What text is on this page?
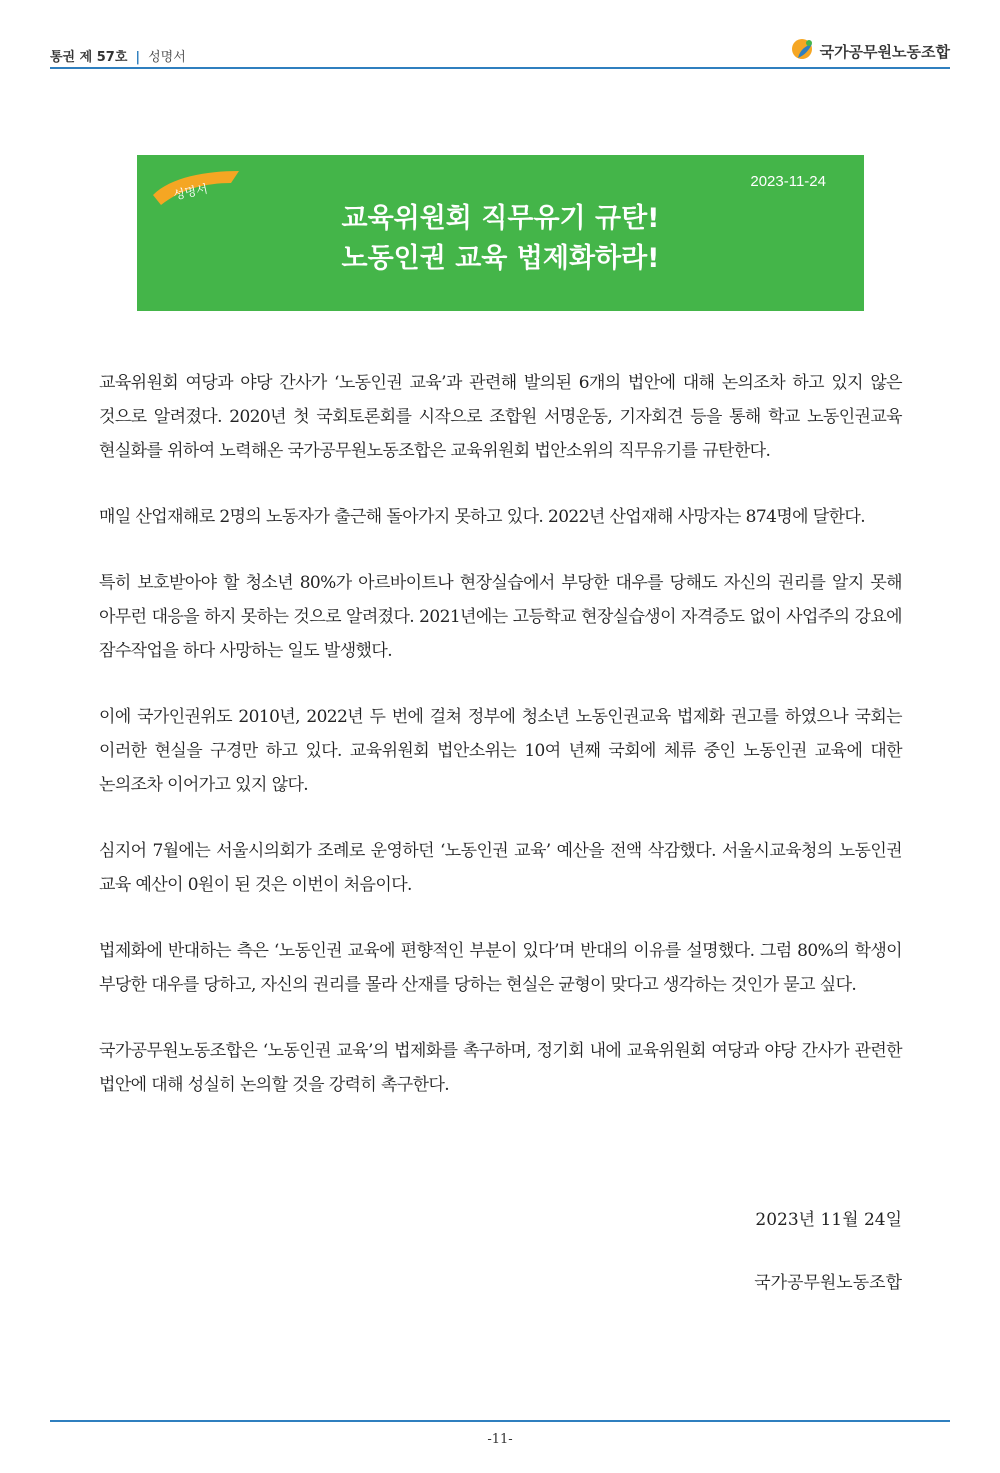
통권 제 57호 | 성명서	국가공무원노동조합
성명서
2023-11-24
교육위원회 직무유기 규탄!
노동인권 교육 법제화하라!

교육위원회 여당과 야당 간사가 ‘노동인권 교육’과 관련해 발의된 6개의 법안에 대해 논의조차 하고 있지 않은 것으로 알려졌다. 2020년 첫 국회토론회를 시작으로 조합원 서명운동, 기자회견 등을 통해 학교 노동인권교육 현실화를 위하여 노력해온 국가공무원노동조합은 교육위원회 법안소위의 직무유기를 규탄한다.

매일 산업재해로 2명의 노동자가 출근해 돌아가지 못하고 있다. 2022년 산업재해 사망자는 874명에 달한다.

특히 보호받아야 할 청소년 80%가 아르바이트나 현장실습에서 부당한 대우를 당해도 자신의 권리를 알지 못해 아무런 대응을 하지 못하는 것으로 알려졌다. 2021년에는 고등학교 현장실습생이 자격증도 없이 사업주의 강요에 잠수작업을 하다 사망하는 일도 발생했다.

이에 국가인권위도 2010년, 2022년 두 번에 걸쳐 정부에 청소년 노동인권교육 법제화 권고를 하였으나 국회는 이러한 현실을 구경만 하고 있다. 교육위원회 법안소위는 10여 년째 국회에 체류 중인 노동인권 교육에 대한 논의조차 이어가고 있지 않다.

심지어 7월에는 서울시의회가 조례로 운영하던 ‘노동인권 교육’ 예산을 전액 삭감했다. 서울시교육청의 노동인권 교육 예산이 0원이 된 것은 이번이 처음이다.

법제화에 반대하는 측은 ‘노동인권 교육에 편향적인 부분이 있다’며 반대의 이유를 설명했다. 그럼 80%의 학생이 부당한 대우를 당하고, 자신의 권리를 몰라 산재를 당하는 현실은 균형이 맞다고 생각하는 것인가 묻고 싶다.

국가공무원노동조합은 ‘노동인권 교육’의 법제화를 촉구하며, 정기회 내에 교육위원회 여당과 야당 간사가 관련한 법안에 대해 성실히 논의할 것을 강력히 촉구한다.

2023년 11월 24일
국가공무원노동조합
-11-
